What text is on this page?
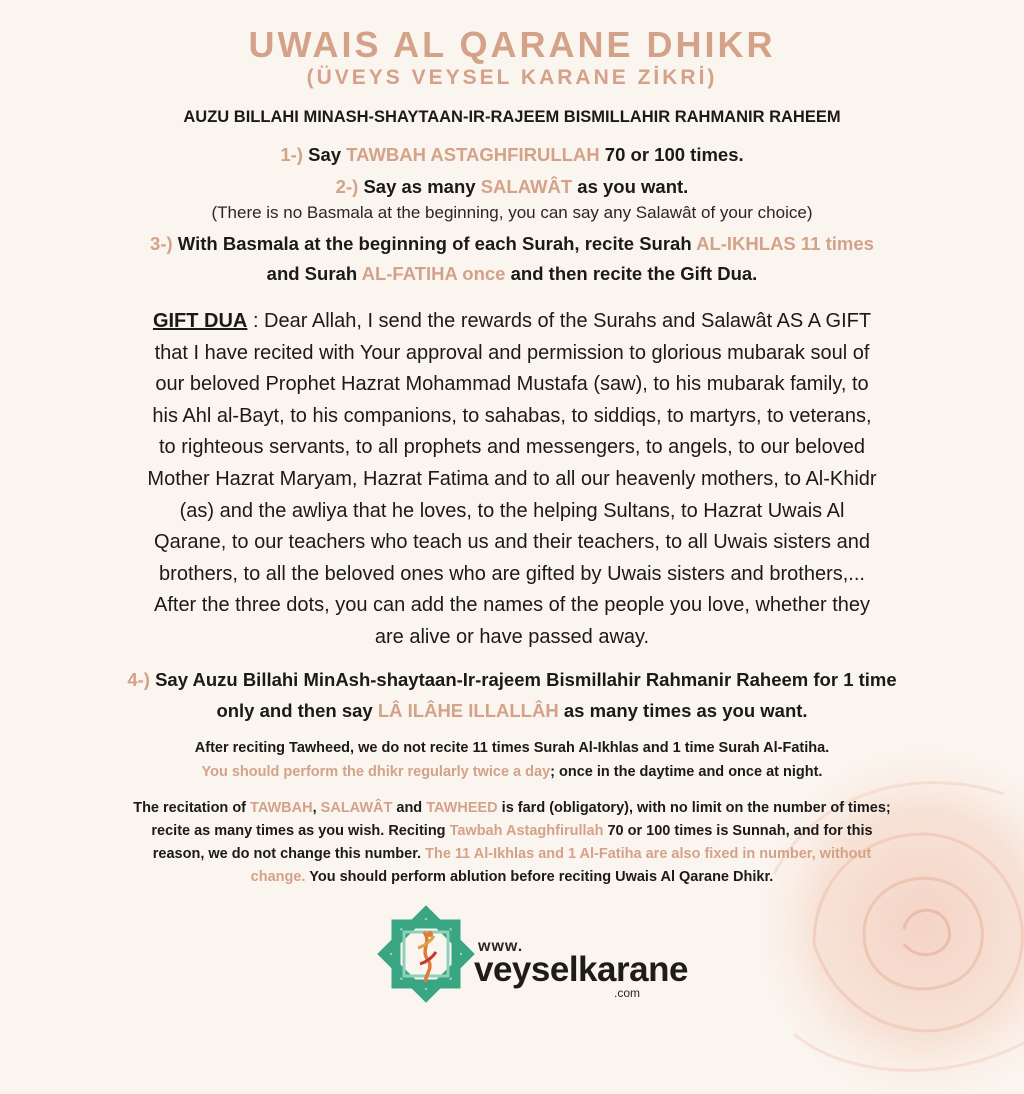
UWAIS AL QARANE DHIKR
(ÜVEYS VEYSEL KARANE ZİKRİ)
AUZU BILLAHI MINASH-SHAYTAAN-IR-RAJEEM BISMILLAHIR RAHMANIR RAHEEM
1-) Say TAWBAH ASTAGHFIRULLAH 70 or 100 times.
2-) Say as many SALAWÂT as you want.
(There is no Basmala at the beginning, you can say any Salawât of your choice)
3-) With Basmala at the beginning of each Surah, recite Surah AL-IKHLAS 11 times
and Surah AL-FATIHA once and then recite the Gift Dua.
GIFT DUA : Dear Allah, I send the rewards of the Surahs and Salawât AS A GIFT
that I have recited with Your approval and permission to glorious mubarak soul of
our beloved Prophet Hazrat Mohammad Mustafa (saw), to his mubarak family, to
his Ahl al-Bayt, to his companions, to sahabas, to siddiqs, to martyrs, to veterans,
to righteous servants, to all prophets and messengers, to angels, to our beloved
Mother Hazrat Maryam, Hazrat Fatima and to all our heavenly mothers, to Al-Khidr
(as) and the awliya that he loves, to the helping Sultans, to Hazrat Uwais Al
Qarane, to our teachers who teach us and their teachers, to all Uwais sisters and
brothers, to all the beloved ones who are gifted by Uwais sisters and brothers,...
After the three dots, you can add the names of the people you love, whether they
are alive or have passed away.
4-) Say Auzu Billahi MinAsh-shaytaan-Ir-rajeem Bismillahir Rahmanir Raheem for 1 time
only and then say LÂ ILÂHE ILLALLÂH as many times as you want.
After reciting Tawheed, we do not recite 11 times Surah Al-Ikhlas and 1 time Surah Al-Fatiha.
You should perform the dhikr regularly twice a day; once in the daytime and once at night.
The recitation of TAWBAH, SALAWÂT and TAWHEED is fard (obligatory), with no limit on the number of times;
recite as many times as you wish. Reciting Tawbah Astaghfirullah 70 or 100 times is Sunnah, and for this
reason, we do not change this number. The 11 Al-Ikhlas and 1 Al-Fatiha are also fixed in number, without
change. You should perform ablution before reciting Uwais Al Qarane Dhikr.
www.
veyselkarane
.com
